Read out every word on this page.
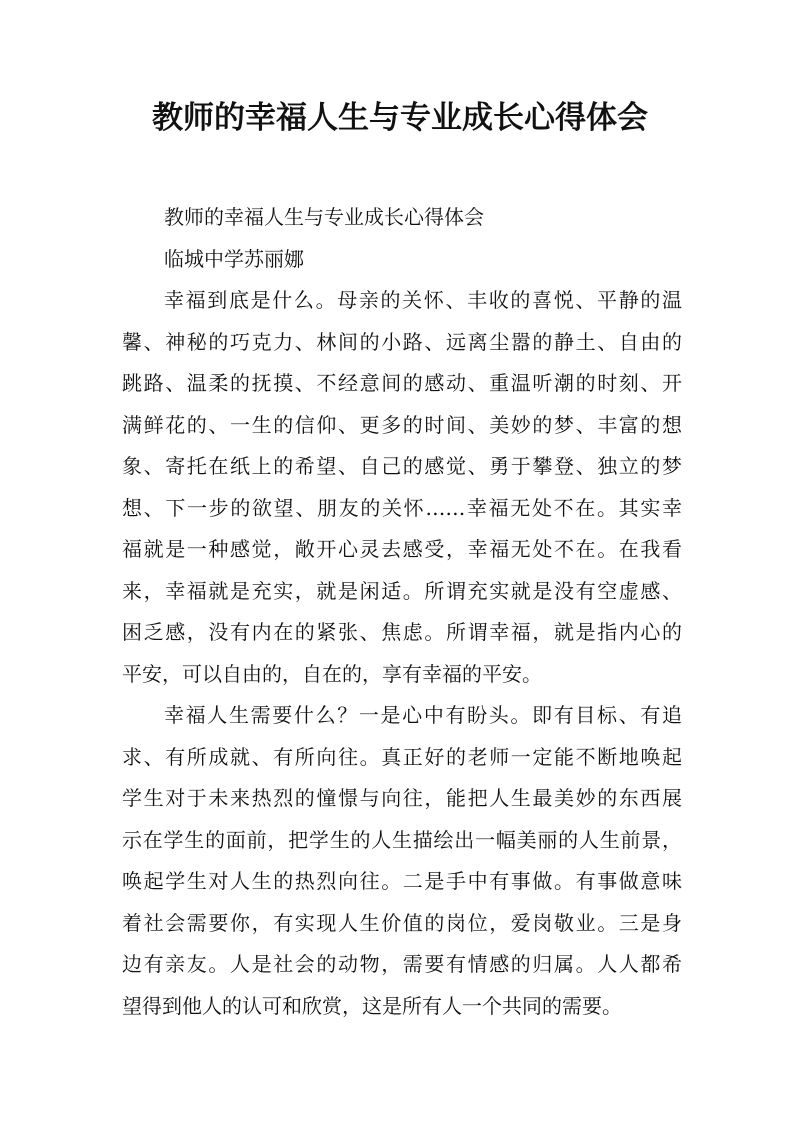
教师的幸福人生与专业成长心得体会
教师的幸福人生与专业成长心得体会
临城中学苏丽娜
幸福到底是什么。母亲的关怀、丰收的喜悦、平静的温
馨、神秘的巧克力、林间的小路、远离尘嚣的静土、自由的
跳路、温柔的抚摸、不经意间的感动、重温听潮的时刻、开
满鲜花的、一生的信仰、更多的时间、美妙的梦、丰富的想
象、寄托在纸上的希望、自己的感觉、勇于攀登、独立的梦
想、下一步的欲望、朋友的关怀……幸福无处不在。其实幸
福就是一种感觉，敞开心灵去感受，幸福无处不在。在我看
来，幸福就是充实，就是闲适。所谓充实就是没有空虚感、
困乏感，没有内在的紧张、焦虑。所谓幸福，就是指内心的
平安，可以自由的，自在的，享有幸福的平安。
幸福人生需要什么？一是心中有盼头。即有目标、有追
求、有所成就、有所向往。真正好的老师一定能不断地唤起
学生对于未来热烈的憧憬与向往，能把人生最美妙的东西展
示在学生的面前，把学生的人生描绘出一幅美丽的人生前景，
唤起学生对人生的热烈向往。二是手中有事做。有事做意味
着社会需要你，有实现人生价值的岗位，爱岗敬业。三是身
边有亲友。人是社会的动物，需要有情感的归属。人人都希
望得到他人的认可和欣赏，这是所有人一个共同的需要。
